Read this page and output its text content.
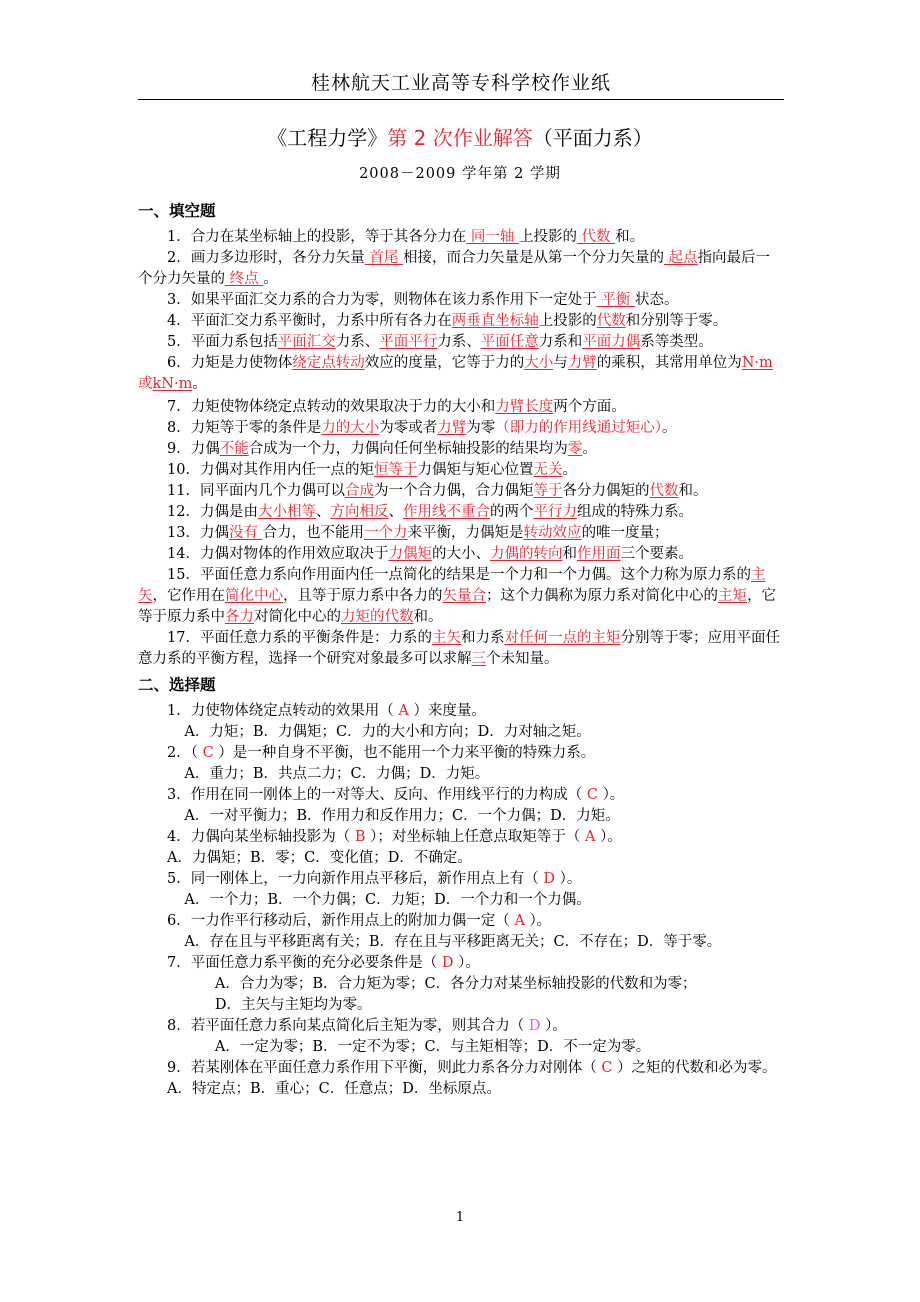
桂林航天工业高等专科学校作业纸
《工程力学》第 2 次作业解答（平面力系）
2008－2009 学年第 2 学期
一、填空题

1．合力在某坐标轴上的投影，等于其各分力在 同一轴 上投影的 代数 和。

2．画力多边形时，各分力矢量 首尾 相接，而合力矢量是从第一个分力矢量的 起点指向最后一个分力矢量的 终点 。

3．如果平面汇交力系的合力为零，则物体在该力系作用下一定处于 平衡 状态。

4．平面汇交力系平衡时，力系中所有各力在两垂直坐标轴上投影的代数和分别等于零。

5．平面力系包括平面汇交力系、平面平行力系、平面任意力系和平面力偶系等类型。

6．力矩是力使物体绕定点转动效应的度量，它等于力的大小与力臂的乘积，其常用单位为N·m或kN·m。

7．力矩使物体绕定点转动的效果取决于力的大小和力臂长度两个方面。

8．力矩等于零的条件是力的大小为零或者力臂为零（即力的作用线通过矩心）。

9．力偶不能合成为一个力，力偶向任何坐标轴投影的结果均为零。

10．力偶对其作用内任一点的矩恒等于力偶矩与矩心位置无关。

11．同平面内几个力偶可以合成为一个合力偶，合力偶矩等于各分力偶矩的代数和。

12．力偶是由大小相等、方向相反、作用线不重合的两个平行力组成的特殊力系。

13．力偶没有 合力，也不能用一个力来平衡，力偶矩是转动效应的唯一度量；

14．力偶对物体的作用效应取决于力偶矩的大小、力偶的转向和作用面三个要素。

15．平面任意力系向作用面内任一点简化的结果是一个力和一个力偶。这个力称为原力系的主矢，它作用在简化中心，且等于原力系中各力的矢量合；这个力偶称为原力系对简化中心的主矩，它等于原力系中各力对简化中心的力矩的代数和。

17．平面任意力系的平衡条件是：力系的主矢和力系对任何一点的主矩分别等于零；应用平面任意力系的平衡方程，选择一个研究对象最多可以求解三个未知量。

二、选择题

1．力使物体绕定点转动的效果用（ A ）来度量。

A．力矩；B．力偶矩；C．力的大小和方向；D．力对轴之矩。

2．（ C ）是一种自身不平衡，也不能用一个力来平衡的特殊力系。

A．重力；B．共点二力；C．力偶；D．力矩。

3．作用在同一刚体上的一对等大、反向、作用线平行的力构成（ C ）。

A．一对平衡力；B．作用力和反作用力；C．一个力偶；D．力矩。

4．力偶向某坐标轴投影为（ B ）；对坐标轴上任意点取矩等于（ A ）。

A．力偶矩；B．零；C．变化值；D．不确定。

5．同一刚体上，一力向新作用点平移后，新作用点上有（ D ）。

A．一个力；B．一个力偶；C．力矩；D．一个力和一个力偶。

6．一力作平行移动后，新作用点上的附加力偶一定（ A ）。

A．存在且与平移距离有关；B．存在且与平移距离无关；C．不存在；D．等于零。

7．平面任意力系平衡的充分必要条件是（ D ）。

A．合力为零；B．合力矩为零；C．各分力对某坐标轴投影的代数和为零；

D．主矢与主矩均为零。

8．若平面任意力系向某点简化后主矩为零，则其合力（ D ）。

A．一定为零；B．一定不为零；C．与主矩相等；D．不一定为零。

9．若某刚体在平面任意力系作用下平衡，则此力系各分力对刚体（ C ）之矩的代数和必为零。

A．特定点；B．重心；C．任意点；D．坐标原点。

1
